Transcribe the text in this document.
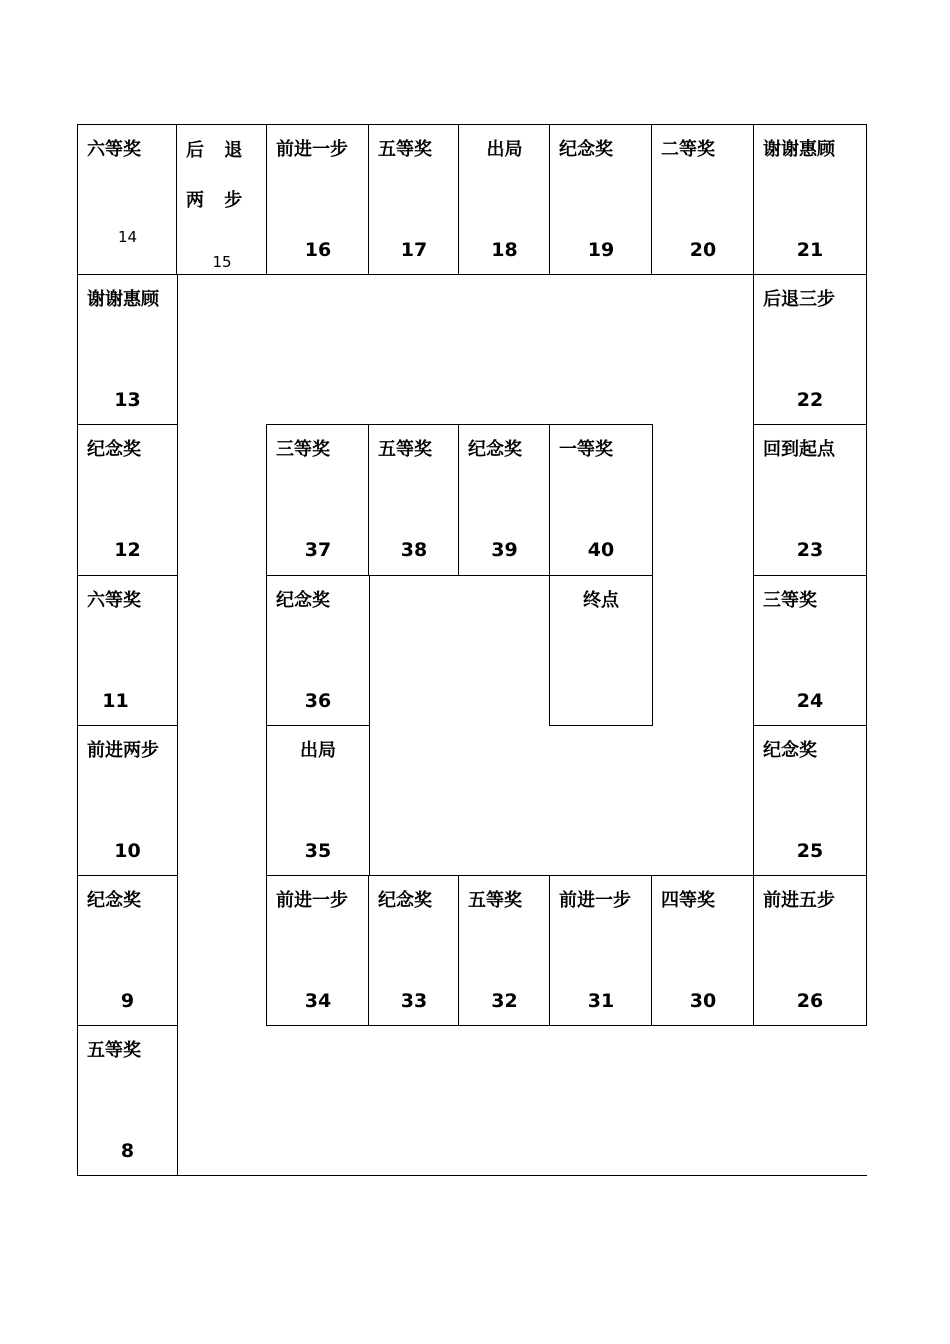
六等奖
14
后 退 两 步
15
前进一步
16
五等奖
17
出局
18
纪念奖
19
二等奖
20
谢谢惠顾
21
谢谢惠顾
13
后退三步
22
纪念奖
12
三等奖
37
五等奖
38
纪念奖
39
一等奖
40
回到起点
23
六等奖
11
纪念奖
36
终点	三等奖
24
前进两步
10
出局
35
纪念奖
25
纪念奖
9
前进一步
34
纪念奖
33
五等奖
32
前进一步
31
四等奖
30
前进五步
26
五等奖
8
